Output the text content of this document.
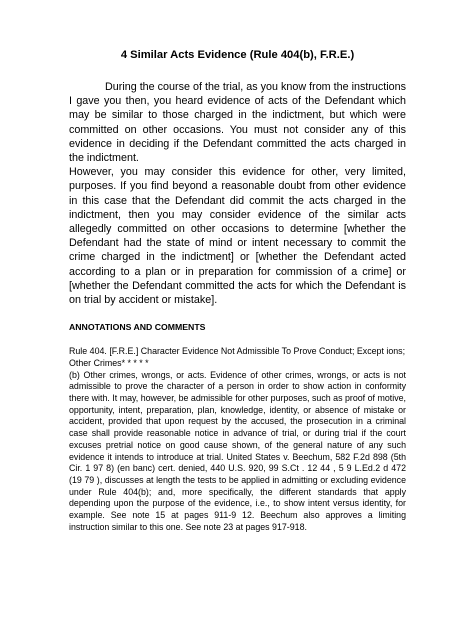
4 Similar Acts Evidence (Rule 404(b), F.R.E.)

During the course of the trial, as you know from the instructions I gave you then, you heard evidence of acts of the Defendant which may be similar to those charged in the indictment, but which were committed on other occasions. You must not consider any of this evidence in deciding if the Defendant committed the acts charged in the indictment.

However, you may consider this evidence for other, very limited, purposes. If you find beyond a reasonable doubt from other evidence in this case that the Defendant did commit the acts charged in the indictment, then you may consider evidence of the similar acts allegedly committed on other occasions to determine [whether the Defendant had the state of mind or intent necessary to commit the crime charged in the indictment] or [whether the Defendant acted according to a plan or in preparation for commission of a crime] or [whether the Defendant committed the acts for which the Defendant is on trial by accident or mistake].

ANNOTATIONS AND COMMENTS

Rule 404. [F.R.E.] Character Evidence Not Admissible To Prove Conduct; Except ions; Other Crimes* * * * *

(b) Other crimes, wrongs, or acts. Evidence of other crimes, wrongs, or acts is not admissible to prove the character of a person in order to show action in conformity there with. It may, however, be admissible for other purposes, such as proof of motive, opportunity, intent, preparation, plan, knowledge, identity, or absence of mistake or accident, provided that upon request by the accused, the prosecution in a criminal case shall provide reasonable notice in advance of trial, or during trial if the court excuses pretrial notice on good cause shown, of the general nature of any such evidence it intends to introduce at trial. United States v. Beechum, 582 F.2d 898 (5th Cir. 1 97 8) (en banc) cert. denied, 440 U.S. 920, 99 S.Ct . 12 44 , 5 9 L.Ed.2 d 472 (19 79 ), discusses at length the tests to be applied in admitting or excluding evidence under Rule 404(b); and, more specifically, the different standards that apply depending upon the purpose of the evidence, i.e., to show intent versus identity, for example. See note 15 at pages 911-9 12. Beechum also approves a limiting instruction similar to this one. See note 23 at pages 917-918.
